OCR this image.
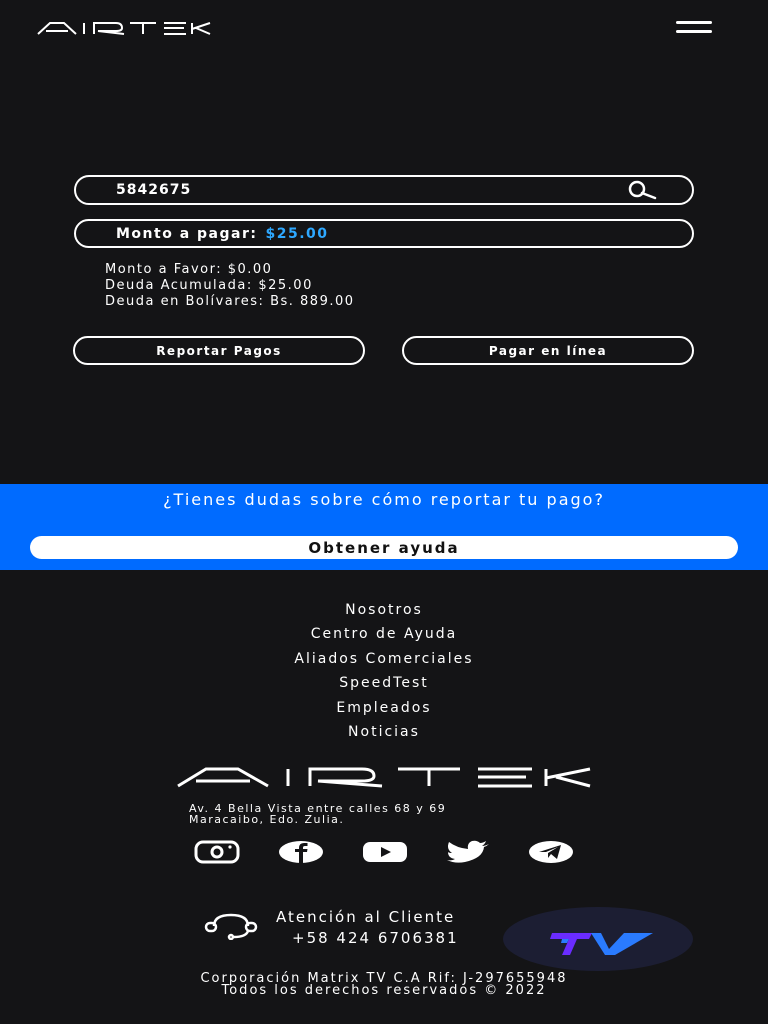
5842675
Monto a pagar: $25.00
Monto a Favor: $0.00
Deuda Acumulada: $25.00
Deuda en Bolívares: Bs. 889.00
Reportar Pagos	Pagar en línea
¿Tienes dudas sobre cómo reportar tu pago?
Obtener ayuda
Nosotros
Centro de Ayuda
Aliados Comerciales
SpeedTest
Empleados
Noticias
Av. 4 Bella Vista entre calles 68 y 69
Maracaibo, Edo. Zulia.
Atención al Cliente
+58 424 6706381
Corporación Matrix TV C.A Rif: J-297655948
Todos los derechos reservados © 2022
